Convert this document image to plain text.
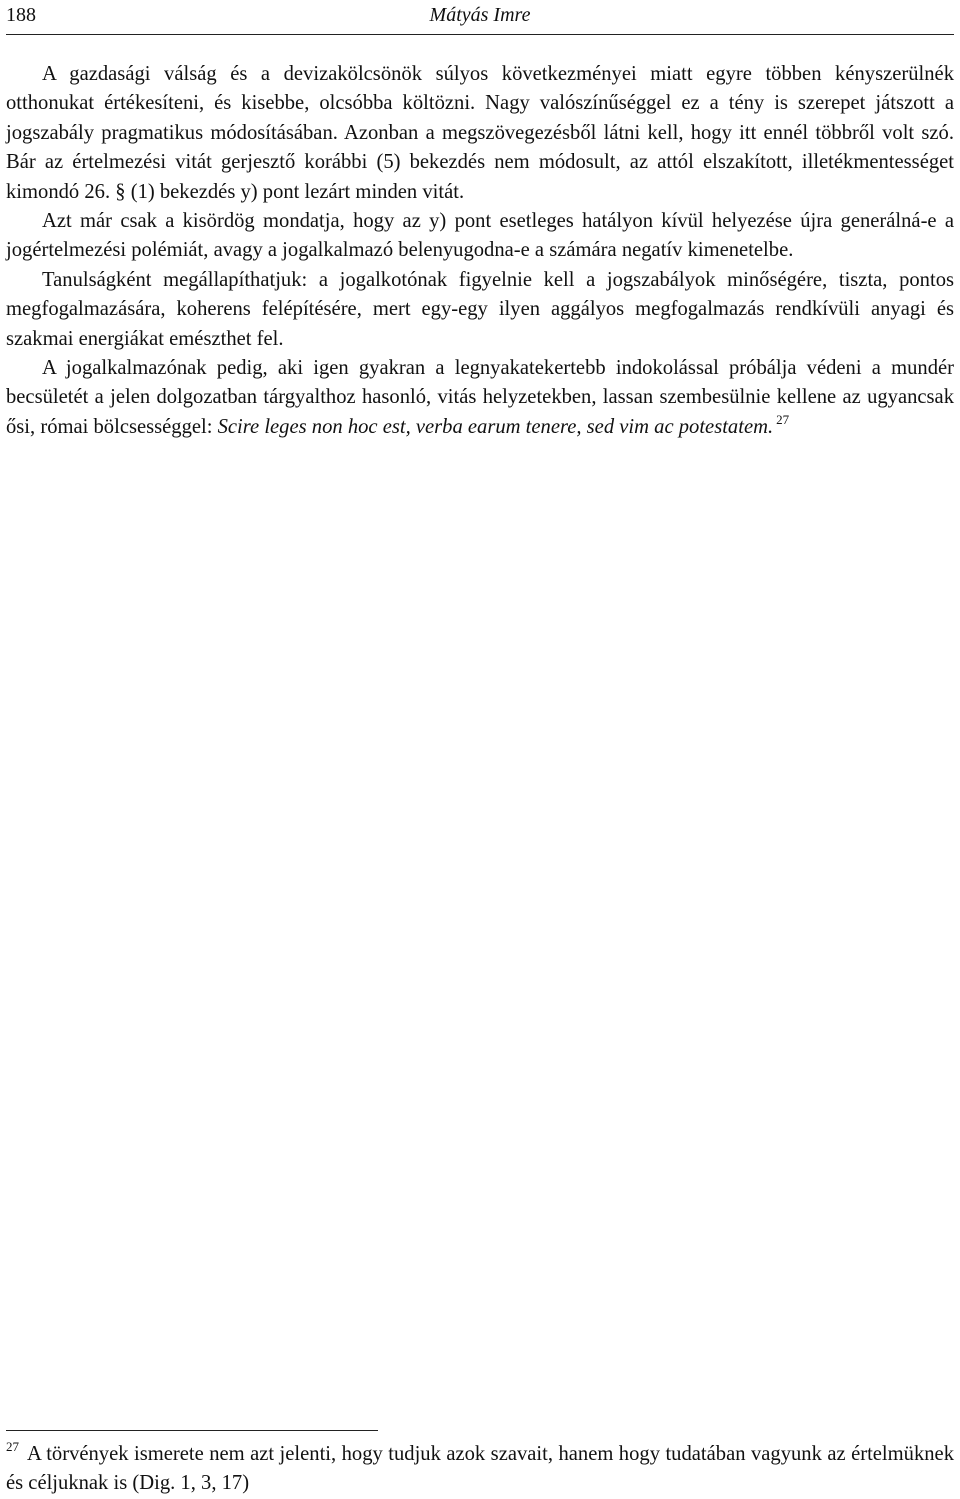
188	Mátyás Imre

A gazdasági válság és a devizakölcsönök súlyos következményei miatt egyre többen kényszerülnék otthonukat értékesíteni, és kisebbe, olcsóbba költözni. Nagy valószínűséggel ez a tény is szerepet játszott a jogszabály pragmatikus módosításában. Azonban a megszövegezésből látni kell, hogy itt ennél többről volt szó. Bár az értelmezési vitát gerjesztő korábbi (5) bekezdés nem módosult, az attól elszakított, illetékmentességet kimondó 26. § (1) bekezdés y) pont lezárt minden vitát.

Azt már csak a kisördög mondatja, hogy az y) pont esetleges hatályon kívül helyezése újra generálná-e a jogértelmezési polémiát, avagy a jogalkalmazó belenyugodna-e a számára negatív kimenetelbe.

Tanulságként megállapíthatjuk: a jogalkotónak figyelnie kell a jogszabályok minőségére, tiszta, pontos megfogalmazására, koherens felépítésére, mert egy-egy ilyen aggályos megfogalmazás rendkívüli anyagi és szakmai energiákat emészthet fel.

A jogalkalmazónak pedig, aki igen gyakran a legnyakatekertebb indokolással próbálja védeni a mundér becsületét a jelen dolgozatban tárgyalthoz hasonló, vitás helyzetekben, lassan szembesülnie kellene az ugyancsak ősi, római bölcsességgel: Scire leges non hoc est, verba earum tenere, sed vim ac potestatem. $^{27}$

$^{27}$ A törvények ismerete nem azt jelenti, hogy tudjuk azok szavait, hanem hogy tudatában vagyunk az értelmüknek és céljuknak is (Dig. 1, 3, 17)
